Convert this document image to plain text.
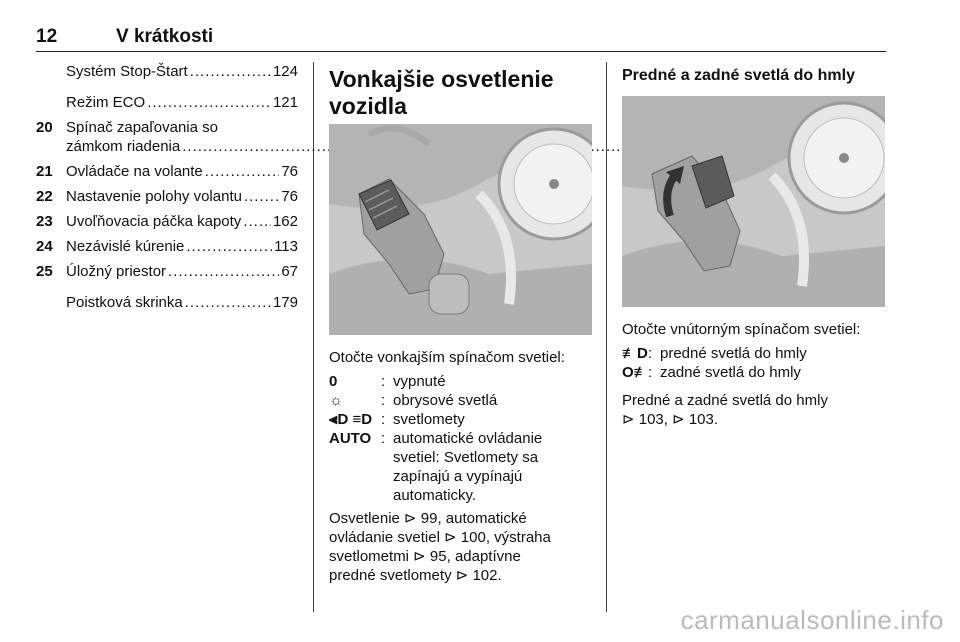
12	V krátkosti
Systém Stop-Štart .....	124
Režim ECO .....	121
20 Spínač zapaľovania so
zámkom riadenia
.....
21 Ovládače na volante .....	76
22 Nastavenie polohy volantu .....	76
23 Uvoľňovacia páčka kapoty ..... 162
24 Nezávislé kúrenie .....	113
25 Úložný priestor .....	67
Poistková skrinka .....	179
Vonkajšie osvetlenie
vozidla
Otočte vonkajším spínačom svetiel:
0	: vypnuté
☼	: obrysové svetlá
⫷D ≡D : svetlomety
AUTO : automatické ovládanie
svetiel: Svetlomety sa
zapínajú a vypínajú
automaticky.
Osvetlenie ⊳ 99, automatické
ovládanie svetiel ⊳ 100, výstraha
svetlometmi ⊳ 95, adaptívne
predné svetlomety ⊳ 102.
Predné a zadné svetlá do hmly
Otočte vnútorným spínačom svetiel:
≢D : predné svetlá do hmly
O≢ : zadné svetlá do hmly
Predné a zadné svetlá do hmly
⊳ 103, ⊳ 103.
carmanualsonline.info
